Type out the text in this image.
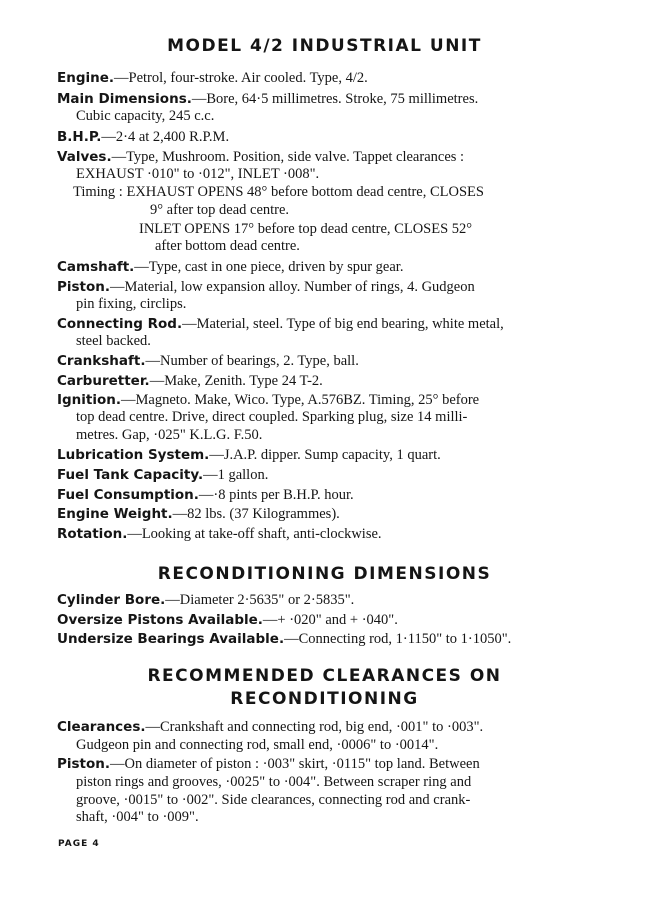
MODEL 4/2 INDUSTRIAL UNIT
Engine.—Petrol, four-stroke. Air cooled. Type, 4/2.
Main Dimensions.—Bore, 64·5 millimetres. Stroke, 75 millimetres.
Cubic capacity, 245 c.c.
B.H.P.—2·4 at 2,400 R.P.M.
Valves.—Type, Mushroom. Position, side valve. Tappet clearances :
EXHAUST ·010" to ·012", INLET ·008".
Timing : EXHAUST OPENS 48° before bottom dead centre, CLOSES
9° after top dead centre.
INLET OPENS 17° before top dead centre, CLOSES 52°
after bottom dead centre.
Camshaft.—Type, cast in one piece, driven by spur gear.
Piston.—Material, low expansion alloy. Number of rings, 4. Gudgeon
pin fixing, circlips.
Connecting Rod.—Material, steel. Type of big end bearing, white metal,
steel backed.
Crankshaft.—Number of bearings, 2. Type, ball.
Carburetter.—Make, Zenith. Type 24 T-2.
Ignition.—Magneto. Make, Wico. Type, A.576BZ. Timing, 25° before
top dead centre. Drive, direct coupled. Sparking plug, size 14 milli-
metres. Gap, ·025" K.L.G. F.50.
Lubrication System.—J.A.P. dipper. Sump capacity, 1 quart.
Fuel Tank Capacity.—1 gallon.
Fuel Consumption.—·8 pints per B.H.P. hour.
Engine Weight.—82 lbs. (37 Kilogrammes).
Rotation.—Looking at take-off shaft, anti-clockwise.
RECONDITIONING DIMENSIONS
Cylinder Bore.—Diameter 2·5635" or 2·5835".
Oversize Pistons Available.—+ ·020" and + ·040".
Undersize Bearings Available.—Connecting rod, 1·1150" to 1·1050".
RECOMMENDED CLEARANCES ON
RECONDITIONING
Clearances.—Crankshaft and connecting rod, big end, ·001" to ·003".
Gudgeon pin and connecting rod, small end, ·0006" to ·0014".
Piston.—On diameter of piston : ·003" skirt, ·0115" top land. Between
piston rings and grooves, ·0025" to ·004". Between scraper ring and
groove, ·0015" to ·002". Side clearances, connecting rod and crank-
shaft, ·004" to ·009".
PAGE 4
